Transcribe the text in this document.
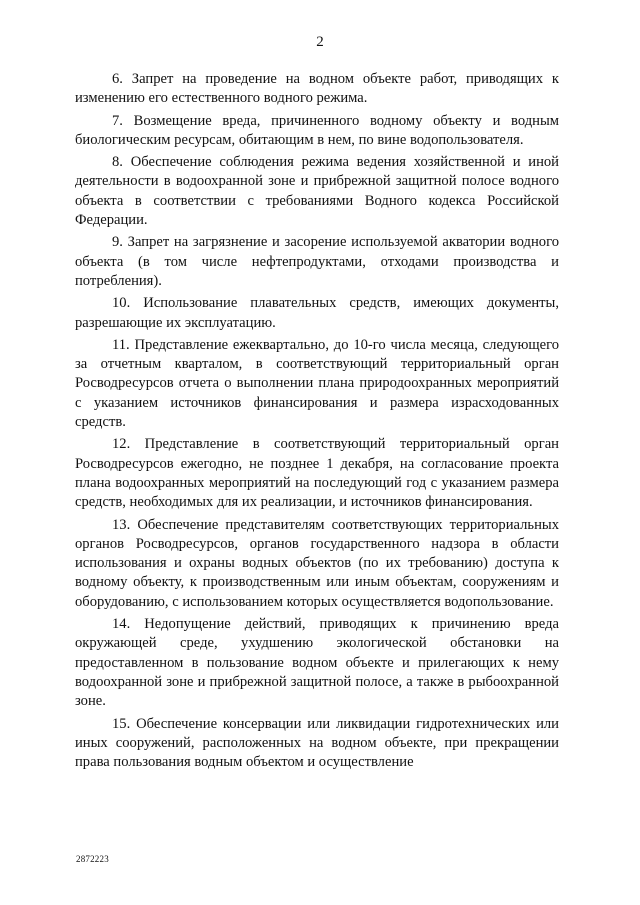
2

6. Запрет на проведение на водном объекте работ, приводящих к изменению его естественного водного режима.

7. Возмещение вреда, причиненного водному объекту и водным биологическим ресурсам, обитающим в нем, по вине водопользователя.

8. Обеспечение соблюдения режима ведения хозяйственной и иной деятельности в водоохранной зоне и прибрежной защитной полосе водного объекта в соответствии с требованиями Водного кодекса Российской Федерации.

9. Запрет на загрязнение и засорение используемой акватории водного объекта (в том числе нефтепродуктами, отходами производства и потребления).

10. Использование плавательных средств, имеющих документы, разрешающие их эксплуатацию.

11. Представление ежеквартально, до 10-го числа месяца, следующего за отчетным кварталом, в соответствующий территориальный орган Росводресурсов отчета о выполнении плана природоохранных мероприятий с указанием источников финансирования и размера израсходованных средств.

12. Представление в соответствующий территориальный орган Росводресурсов ежегодно, не позднее 1 декабря, на согласование проекта плана водоохранных мероприятий на последующий год с указанием размера средств, необходимых для их реализации, и источников финансирования.

13. Обеспечение представителям соответствующих территориальных органов Росводресурсов, органов государственного надзора в области использования и охраны водных объектов (по их требованию) доступа к водному объекту, к производственным или иным объектам, сооружениям и оборудованию, с использованием которых осуществляется водопользование.

14. Недопущение действий, приводящих к причинению вреда окружающей среде, ухудшению экологической обстановки на предоставленном в пользование водном объекте и прилегающих к нему водоохранной зоне и прибрежной защитной полосе, а также в рыбоохранной зоне.

15. Обеспечение консервации или ликвидации гидротехнических или иных сооружений, расположенных на водном объекте, при прекращении права пользования водным объектом и осуществление

2872223
